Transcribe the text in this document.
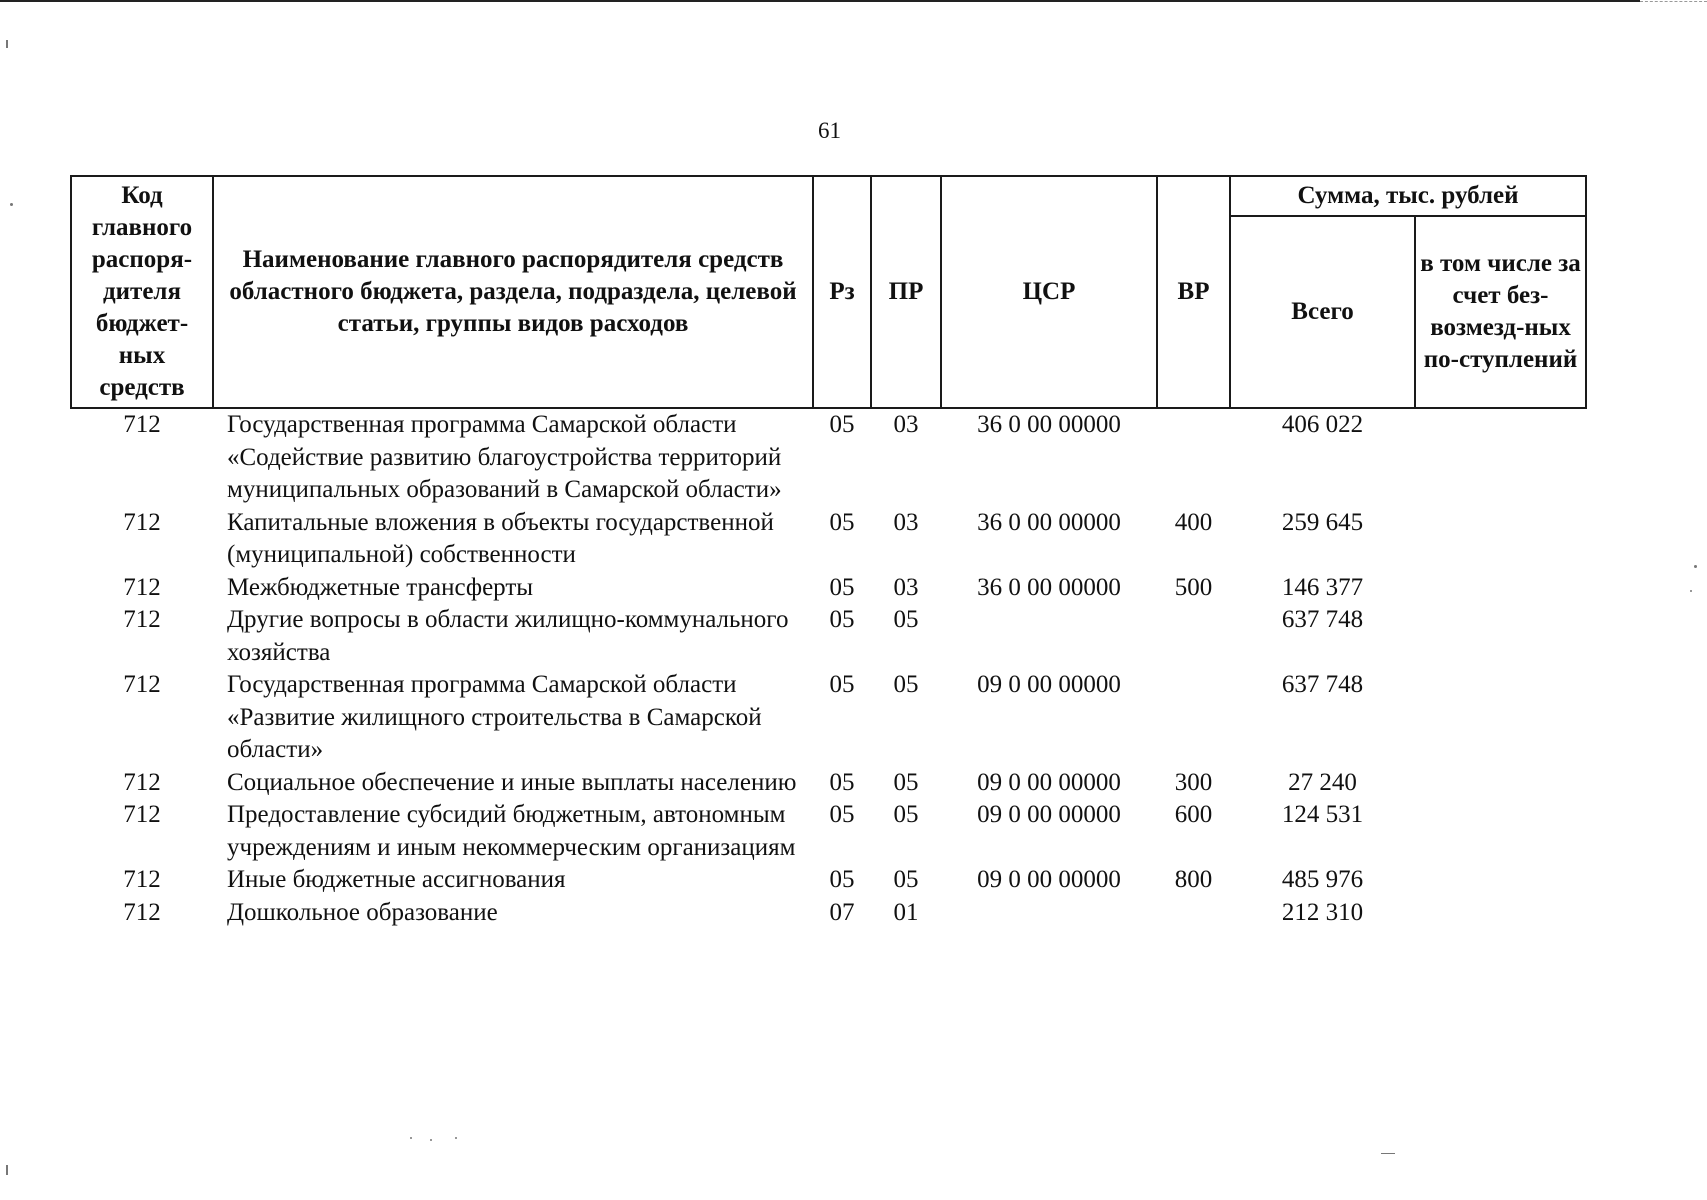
61
Код главного распоря-дителя бюджет-ных средств	Наименование главного распорядителя средств областного бюджета, раздела, подраздела, целевой статьи, группы видов расходов	Рз	ПР	ЦСР	ВР	Сумма, тыс. рублей	
						Всего	в том числе за счет без-возмезд-ных по-ступлений
712	Государственная программа Самарской области «Содействие развитию благоустройства территорий муниципальных образований в Самарской области»	05	03	36 0 00 00000		406 022	
712	Капитальные вложения в объекты государственной (муниципальной) собственности	05	03	36 0 00 00000	400	259 645	
712	Межбюджетные трансферты	05	03	36 0 00 00000	500	146 377	
712	Другие вопросы в области жилищно-коммунального хозяйства	05	05			637 748	
712	Государственная программа Самарской области «Развитие жилищного строительства в Самарской области»	05	05	09 0 00 00000		637 748	
712	Социальное обеспечение и иные выплаты населению	05	05	09 0 00 00000	300	27 240	
712	Предоставление субсидий бюджетным, автономным учреждениям и иным некоммерческим организациям	05	05	09 0 00 00000	600	124 531	
712	Иные бюджетные ассигнования	05	05	09 0 00 00000	800	485 976	
712	Дошкольное образование	07	01			212 310	
